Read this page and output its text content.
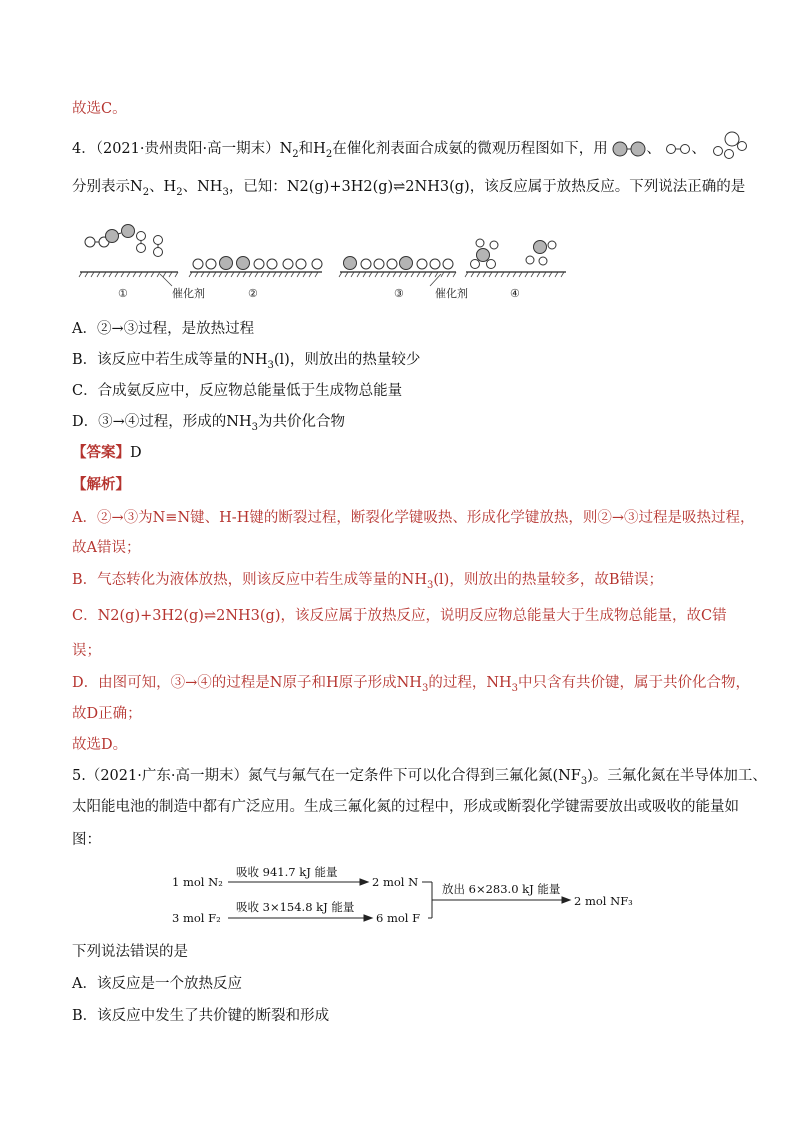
故选C。
4．（2021·贵州贵阳·高一期末）$N_2$和$H_2$在催化剂表面合成氨的微观历程图如下，用	、 、
分别表示$N_2$、$H_2$、$NH_3$，已知：N2(g)+3H2(g)⇌2NH3(g)，该反应属于放热反应。下列说法正确的是
①	催化剂	②	③	催化剂	④
A．②→③过程，是放热过程
B．该反应中若生成等量的$NH_3(l)$，则放出的热量较少
C．合成氨反应中，反应物总能量低于生成物总能量
D．③→④过程，形成的$NH_3$为共价化合物
【答案】D
【解析】
A．②→③为N≡N键、H-H键的断裂过程，断裂化学键吸热、形成化学键放热，则②→③过程是吸热过程，
故A错误；
B．气态转化为液体放热，则该反应中若生成等量的$NH_3(l)$，则放出的热量较多，故B错误；
C．N2(g)+3H2(g)⇌2NH3(g)，该反应属于放热反应，说明反应物总能量大于生成物总能量，故C错
误；
D．由图可知，③→④的过程是N原子和H原子形成$NH_3$的过程，$NH_3$中只含有共价键，属于共价化合物，
故D正确；
故选D。
5.（2021·广东·高一期末）氮气与氟气在一定条件下可以化合得到三氟化氮$(NF_3)$。三氟化氮在半导体加工、
太阳能电池的制造中都有广泛应用。生成三氟化氮的过程中，形成或断裂化学键需要放出或吸收的能量如
图：
1 mol N₂
吸收 941.7 kJ 能量
2 mol N
3 mol F₂
吸收 3×154.8 kJ 能量
6 mol F
放出 6×283.0 kJ 能量
2 mol NF₃
下列说法错误的是
A．该反应是一个放热反应
B．该反应中发生了共价键的断裂和形成
